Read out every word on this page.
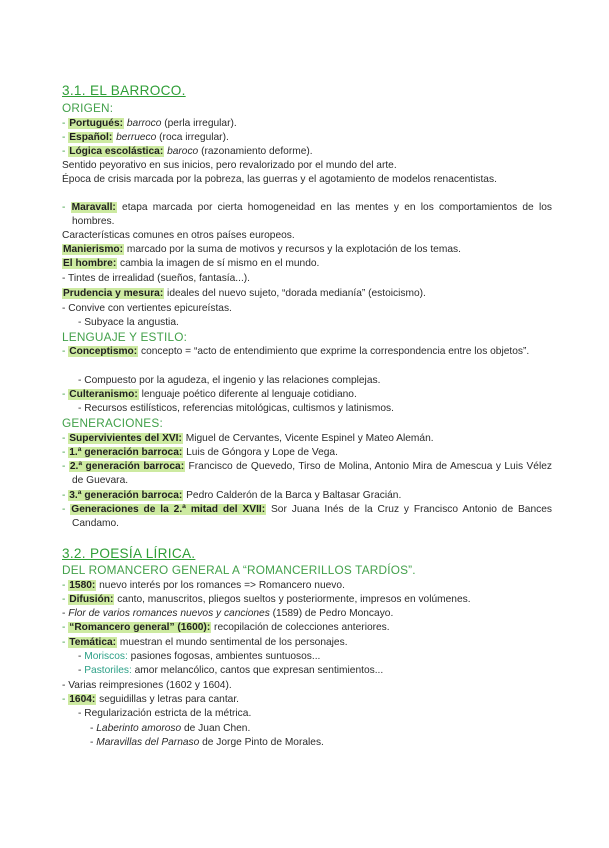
3.1. EL BARROCO.
ORIGEN:
- Portugués: barroco (perla irregular).
- Español: berrueco (roca irregular).
- Lógica escolástica: baroco (razonamiento deforme).
Sentido peyorativo en sus inicios, pero revalorizado por el mundo del arte.
Época de crisis marcada por la pobreza, las guerras y el agotamiento de modelos renacentistas.
- Maravall: etapa marcada por cierta homogeneidad en las mentes y en los comportamientos de los hombres.
Características comunes en otros países europeos.
Manierismo: marcado por la suma de motivos y recursos y la explotación de los temas.
El hombre: cambia la imagen de sí mismo en el mundo.
- Tintes de irrealidad (sueños, fantasía...).
Prudencia y mesura: ideales del nuevo sujeto, “dorada medianía” (estoicismo).
- Convive con vertientes epicureístas.
- Subyace la angustia.
LENGUAJE Y ESTILO:
- Conceptismo: concepto = “acto de entendimiento que exprime la correspondencia entre los objetos”.
- Compuesto por la agudeza, el ingenio y las relaciones complejas.
- Culteranismo: lenguaje poético diferente al lenguaje cotidiano.
- Recursos estilísticos, referencias mitológicas, cultismos y latinismos.
GENERACIONES:
- Supervivientes del XVI: Miguel de Cervantes, Vicente Espinel y Mateo Alemán.
- 1.ª generación barroca: Luis de Góngora y Lope de Vega.
- 2.ª generación barroca: Francisco de Quevedo, Tirso de Molina, Antonio Mira de Amescua y Luis Vélez de Guevara.
- 3.ª generación barroca: Pedro Calderón de la Barca y Baltasar Gracián.
- Generaciones de la 2.ª mitad del XVII: Sor Juana Inés de la Cruz y Francisco Antonio de Bances Candamo.
3.2. POESÍA LÍRICA.
DEL ROMANCERO GENERAL A “ROMANCERILLOS TARDÍOS”.
- 1580: nuevo interés por los romances => Romancero nuevo.
- Difusión: canto, manuscritos, pliegos sueltos y posteriormente, impresos en volúmenes.
- Flor de varios romances nuevos y canciones (1589) de Pedro Moncayo.
- “Romancero general” (1600): recopilación de colecciones anteriores.
- Temática: muestran el mundo sentimental de los personajes.
- Moriscos: pasiones fogosas, ambientes suntuosos...
- Pastoriles: amor melancólico, cantos que expresan sentimientos...
- Varias reimpresiones (1602 y 1604).
- 1604: seguidillas y letras para cantar.
- Regularización estricta de la métrica.
- Laberinto amoroso de Juan Chen.
- Maravillas del Parnaso de Jorge Pinto de Morales.
